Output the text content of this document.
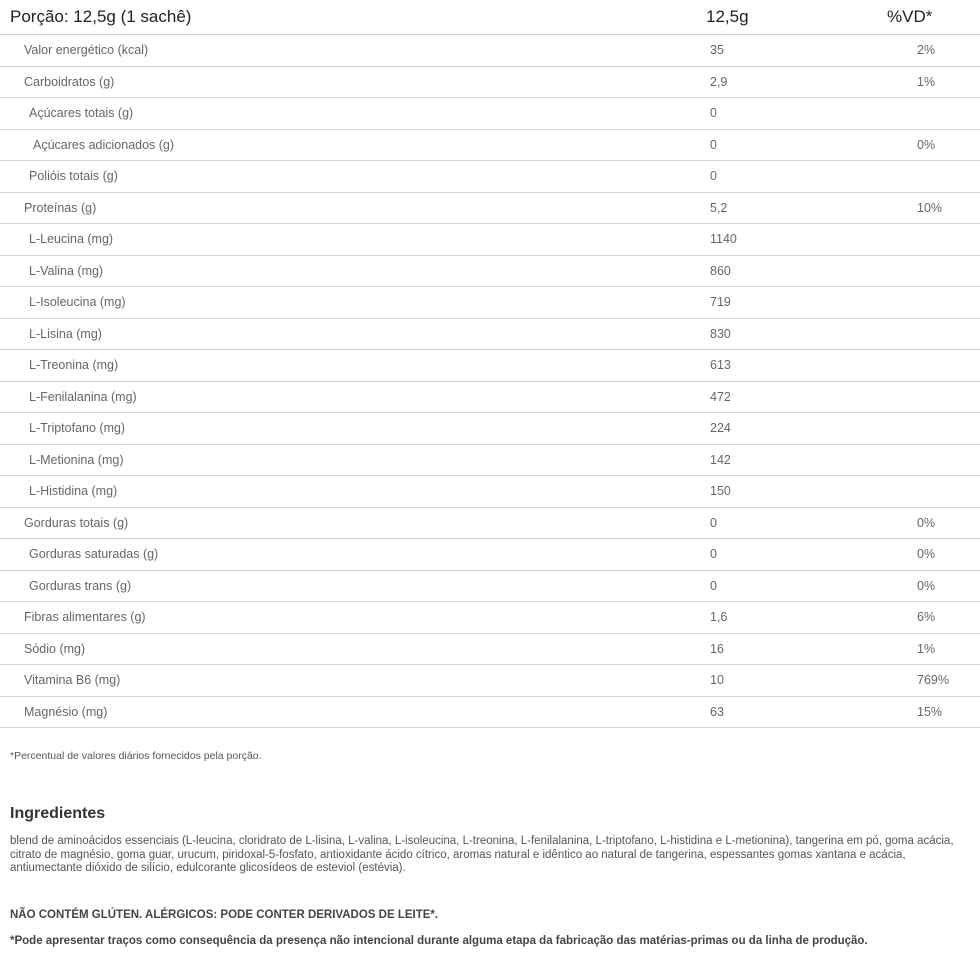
Porção: 12,5g (1 sachê)	12,5g	%VD*
Valor energético (kcal)	35	2%
Carboidratos (g)	2,9	1%
Açúcares totais (g)	0
Açúcares adicionados (g)	0	0%
Polióis totais (g)	0
Proteínas (g)	5,2	10%
L-Leucina (mg)	1140
L-Valina (mg)	860
L-Isoleucina (mg)	719
L-Lisina (mg)	830
L-Treonina (mg)	613
L-Fenilalanina (mg)	472
L-Triptofano (mg)	224
L-Metionina (mg)	142
L-Histidina (mg)	150
Gorduras totais (g)	0	0%
Gorduras saturadas (g)	0	0%
Gorduras trans (g)	0	0%
Fibras alimentares (g)	1,6	6%
Sódio (mg)	16	1%
Vitamina B6 (mg)	10	769%
Magnésio (mg)	63	15%
*Percentual de valores diários fornecidos pela porção.
Ingredientes
blend de aminoácidos essenciais (L-leucina, cloridrato de L-lisina, L-valina, L-isoleucina, L-treonina, L-fenilalanina, L-triptofano, L-histidina e L-metionina), tangerina em pó, goma acácia, citrato de magnésio, goma guar, urucum, piridoxal-5-fosfato, antioxidante ácido cítrico, aromas natural e idêntico ao natural de tangerina, espessantes gomas xantana e acácia, antiumectante dióxido de silício, edulcorante glicosídeos de esteviol (estévia).
NÃO CONTÉM GLÚTEN. ALÉRGICOS: PODE CONTER DERIVADOS DE LEITE*.
*Pode apresentar traços como consequência da presença não intencional durante alguma etapa da fabricação das matérias-primas ou da linha de produção.
